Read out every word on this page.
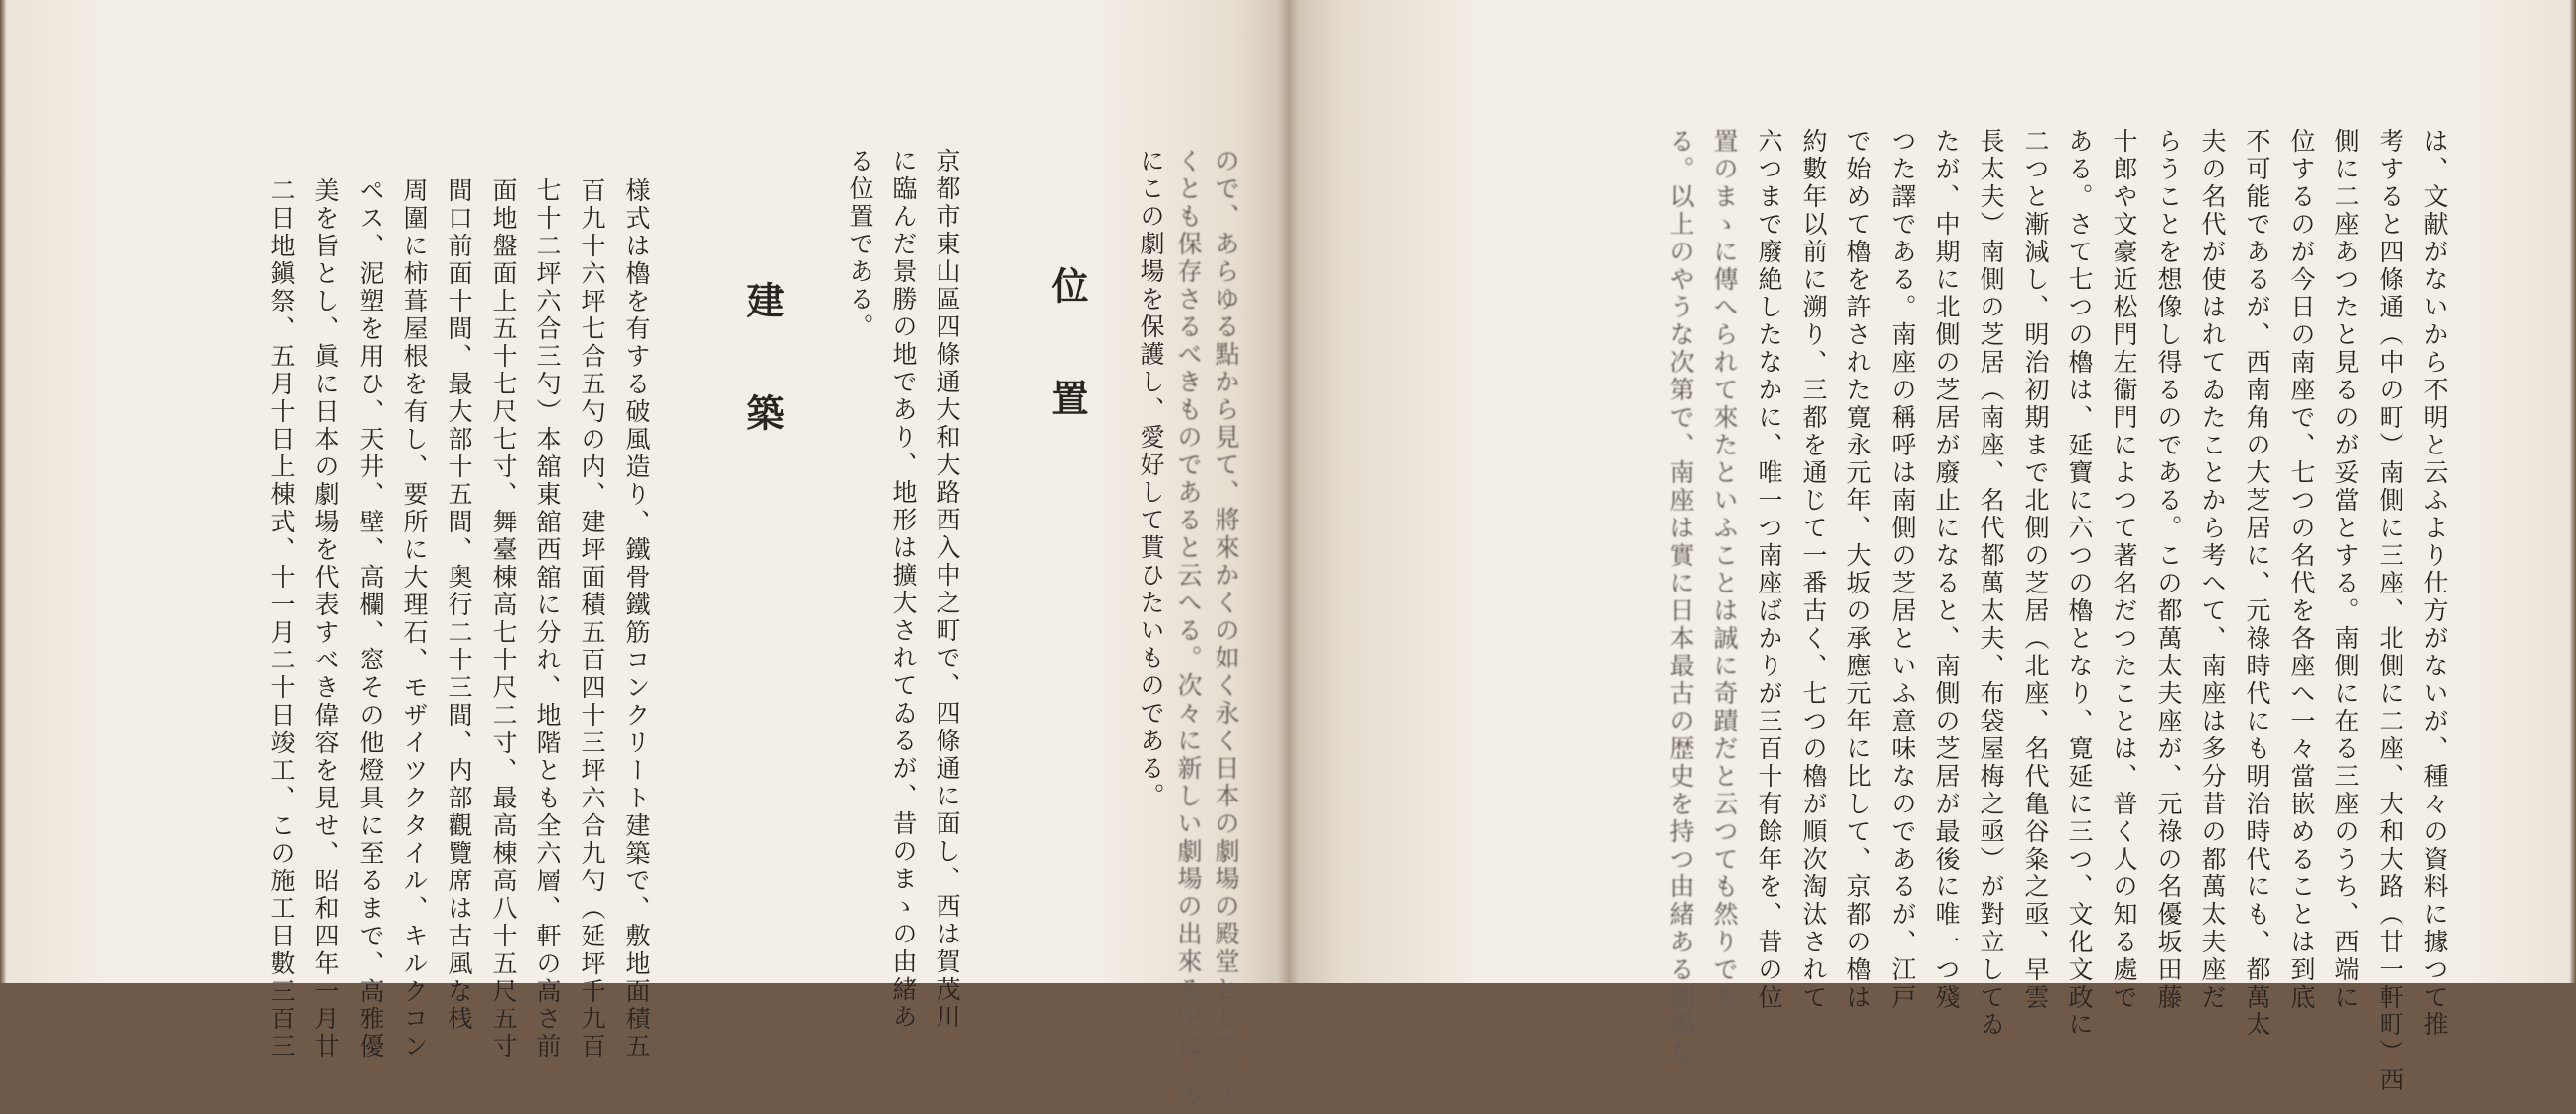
ので、あらゆる點から見て、將來かくの如く永く日本の劇場の殿堂として、少
くとも保存さるべきものであると云へる。次々に新しい劇場の出來る中に、少
にこの劇場を保護し、愛好して貰ひたいものである。
位　　置
京都市東山區四條通大和大路西入中之町で、四條通に面し、西は賀茂川
に臨んだ景勝の地であり、地形は擴大されてゐるが、昔のまゝの由緒あ
る位置である。
建　　築
様式は櫓を有する破風造り、鐵骨鐵筋コンクリート建築で、敷地面積五
百九十六坪七合五勺の内、建坪面積五百四十三坪六合九勺（延坪千九百
七十二坪六合三勺）本舘東舘西舘に分れ、地階とも全六層、軒の高さ前
面地盤面上五十七尺七寸、舞臺棟高七十尺二寸、最高棟高八十五尺五寸
間口前面十間、最大部十五間、奥行二十三間、内部觀覽席は古風な桟
周圍に柿葺屋根を有し、要所に大理石、モザイツクタイル、キルクコン
ペス、泥塑を用ひ、天井、壁、高欄、窓その他燈具に至るまで、高雅優
美を旨とし、眞に日本の劇場を代表すべき偉容を見せ、昭和四年一月廿
二日地鎭祭、五月十日上棟式、十一月二十日竣工、この施工日數三百三	は、文献がないから不明と云ふより仕方がないが、種々の資料に據つて推
考すると四條通（中の町）南側に三座、北側に二座、大和大路（廿一軒町）西
側に二座あつたと見るのが妥當とする。南側に在る三座のうち、西端に
位するのが今日の南座で、七つの名代を各座へ一々當嵌めることは到底
不可能であるが、西南角の大芝居に、元祿時代にも明治時代にも、都萬太
夫の名代が使はれてゐたことから考へて、南座は多分昔の都萬太夫座だ
らうことを想像し得るのである。この都萬太夫座が、元祿の名優坂田藤
十郎や文豪近松門左衞門によつて著名だつたことは、普く人の知る處で
ある。さて七つの櫓は、延寶に六つの櫓となり、寛延に三つ、文化文政に
二つと漸減し、明治初期まで北側の芝居（北座、名代亀谷粂之亟、早雲
長太夫）南側の芝居（南座、名代都萬太夫、布袋屋梅之亟）が對立してゐ
たが、中期に北側の芝居が廢止になると、南側の芝居が最後に唯一つ殘
つた譯である。南座の稱呼は南側の芝居といふ意味なのであるが、江戸
で始めて櫓を許された寛永元年、大坂の承應元年に比して、京都の櫓は
約數年以前に溯り、三都を通じて一番古く、七つの櫓が順次淘汰されて
六つまで廢絶したなかに、唯一つ南座ばかりが三百十有餘年を、昔の位
置のまゝに傳へられて來たといふことは誠に奇蹟だと云つても然りであ
る。以上のやうな次第で、南座は實に日本最古の歴史を持つ由緒ある劇場な
